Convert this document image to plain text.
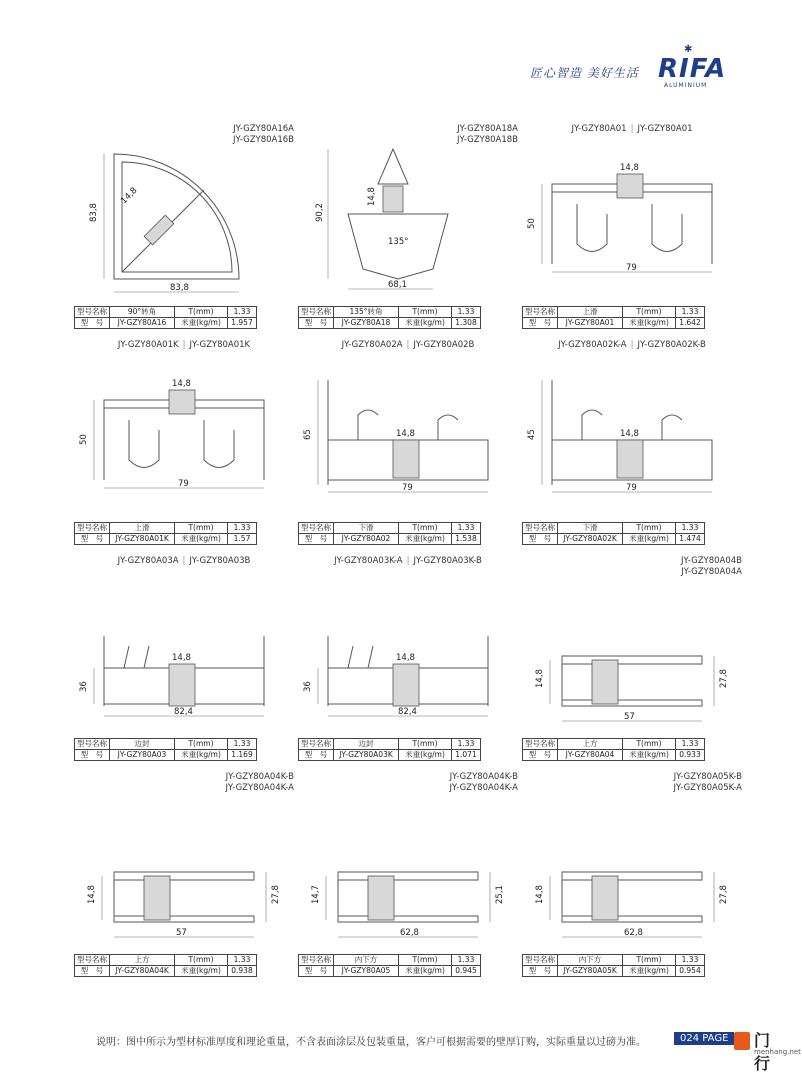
匠心智造 美好生活
✱
RIFA
ALUMINIUM
JY-GZY80A16A
JY-GZY80A16B
83,8
83,8
14,8
型号名称	90°转角	T(mm)	1.33
型　号	JY-GZY80A16	米重(kg/m)	1.957
JY-GZY80A18A
JY-GZY80A18B
90,2
68,1
14,8
135°
型号名称	135°转角	T(mm)	1.33
型　号	JY-GZY80A18	米重(kg/m)	1.308
JY-GZY80A01 | JY-GZY80A01
50
79
14,8
型号名称	上滑	T(mm)	1.33
型　号	JY-GZY80A01	米重(kg/m)	1.642
JY-GZY80A01K | JY-GZY80A01K
50
79
14,8
型号名称	上滑	T(mm)	1.33
型　号	JY-GZY80A01K	米重(kg/m)	1.57
JY-GZY80A02A | JY-GZY80A02B
65
79
14,8
型号名称	下滑	T(mm)	1.33
型　号	JY-GZY80A02	米重(kg/m)	1.538
JY-GZY80A02K-A | JY-GZY80A02K-B
45
79
14,8
型号名称	下滑	T(mm)	1.33
型　号	JY-GZY80A02K	米重(kg/m)	1.474
JY-GZY80A03A | JY-GZY80A03B
36
82,4
14,8
型号名称	边封	T(mm)	1.33
型　号	JY-GZY80A03	米重(kg/m)	1.169
JY-GZY80A03K-A | JY-GZY80A03K-B
36
82,4
14,8
型号名称	边封	T(mm)	1.33
型　号	JY-GZY80A03K	米重(kg/m)	1.071
JY-GZY80A04B
JY-GZY80A04A
14,8	27,8
57
型号名称	上方	T(mm)	1.33
型　号	JY-GZY80A04	米重(kg/m)	0.933
JY-GZY80A04K-B
JY-GZY80A04K-A
14,8	27,8
57
型号名称	上方	T(mm)	1.33
型　号	JY-GZY80A04K	米重(kg/m)	0.938
JY-GZY80A04K-B
JY-GZY80A04K-A
14,7	25,1
62,8
型号名称	内下方	T(mm)	1.33
型　号	JY-GZY80A05	米重(kg/m)	0.945
JY-GZY80A05K-B
JY-GZY80A05K-A
14,8	27,8
62,8
型号名称	内下方	T(mm)	1.33
型　号	JY-GZY80A05K	米重(kg/m)	0.954
说明：图中所示为型材标准厚度和理论重量，不含表面涂层及包装重量，客户可根据需要的壁厚订购，实际重量以过磅为准。	024 PAGE	门行
menhang.net
